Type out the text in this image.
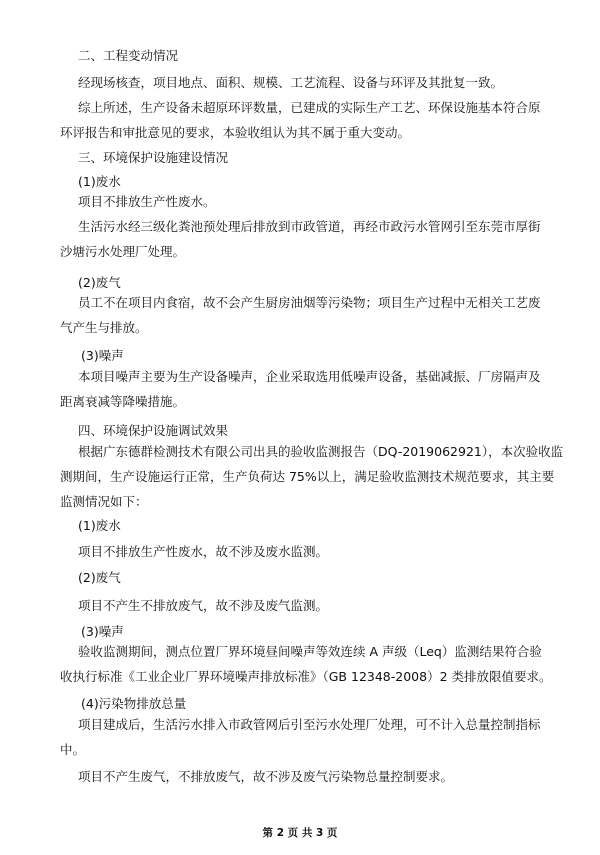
二、工程变动情况
经现场核查，项目地点、面积、规模、工艺流程、设备与环评及其批复一致。
综上所述，生产设备未超原环评数量，已建成的实际生产工艺、环保设施基本符合原
环评报告和审批意见的要求，本验收组认为其不属于重大变动。
三、环境保护设施建设情况
(1)废水
项目不排放生产性废水。
生活污水经三级化粪池预处理后排放到市政管道，再经市政污水管网引至东莞市厚街
沙塘污水处理厂处理。
(2)废气
员工不在项目内食宿，故不会产生厨房油烟等污染物；项目生产过程中无相关工艺废
气产生与排放。
(3)噪声
本项目噪声主要为生产设备噪声，企业采取选用低噪声设备，基础减振、厂房隔声及
距离衰减等降噪措施。
四、环境保护设施调试效果
根据广东德群检测技术有限公司出具的验收监测报告（DQ-2019062921），本次验收监
测期间，生产设施运行正常，生产负荷达 75%以上，满足验收监测技术规范要求，其主要
监测情况如下：
(1)废水
项目不排放生产性废水，故不涉及废水监测。
(2)废气
项目不产生不排放废气，故不涉及废气监测。
(3)噪声
验收监测期间，测点位置厂界环境昼间噪声等效连续 A 声级（Leq）监测结果符合验
收执行标准《工业企业厂界环境噪声排放标准》（GB 12348-2008）2 类排放限值要求。
(4)污染物排放总量
项目建成后，生活污水排入市政管网后引至污水处理厂处理，可不计入总量控制指标
中。
项目不产生废气，不排放废气，故不涉及废气污染物总量控制要求。
第 2 页 共 3 页
